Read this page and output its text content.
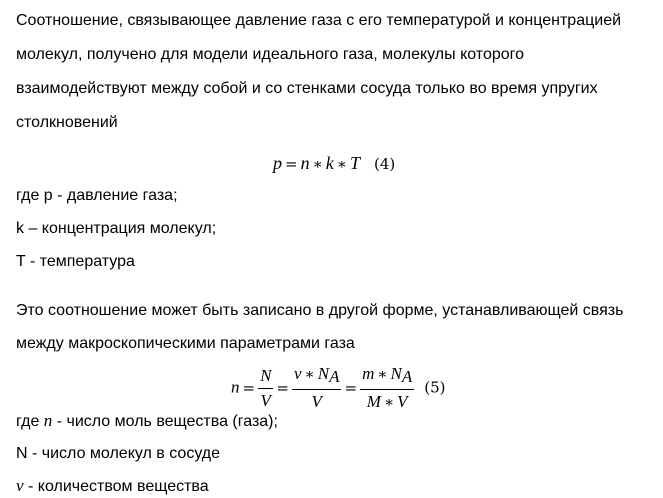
Соотношение, связывающее давление газа с его температурой и концентрацией
молекул, получено для модели идеального газа, молекулы которого
взаимодействуют между собой и со стенками сосуда только во время упругих
столкновений
p = n ∗ k ∗ T (4)
где p - давление газа;
k – концентрация молекул;
T - температура
Это соотношение может быть записано в другой форме, устанавливающей связь
между макроскопическими параметрами газа
$n = \frac{N}{V} = \frac{\nu ∗ N_A}{V} = \frac{m ∗ N_A}{M ∗ V} (5)$
где n - число моль вещества (газа);
N - число молекул в сосуде
ν - количеством вещества
